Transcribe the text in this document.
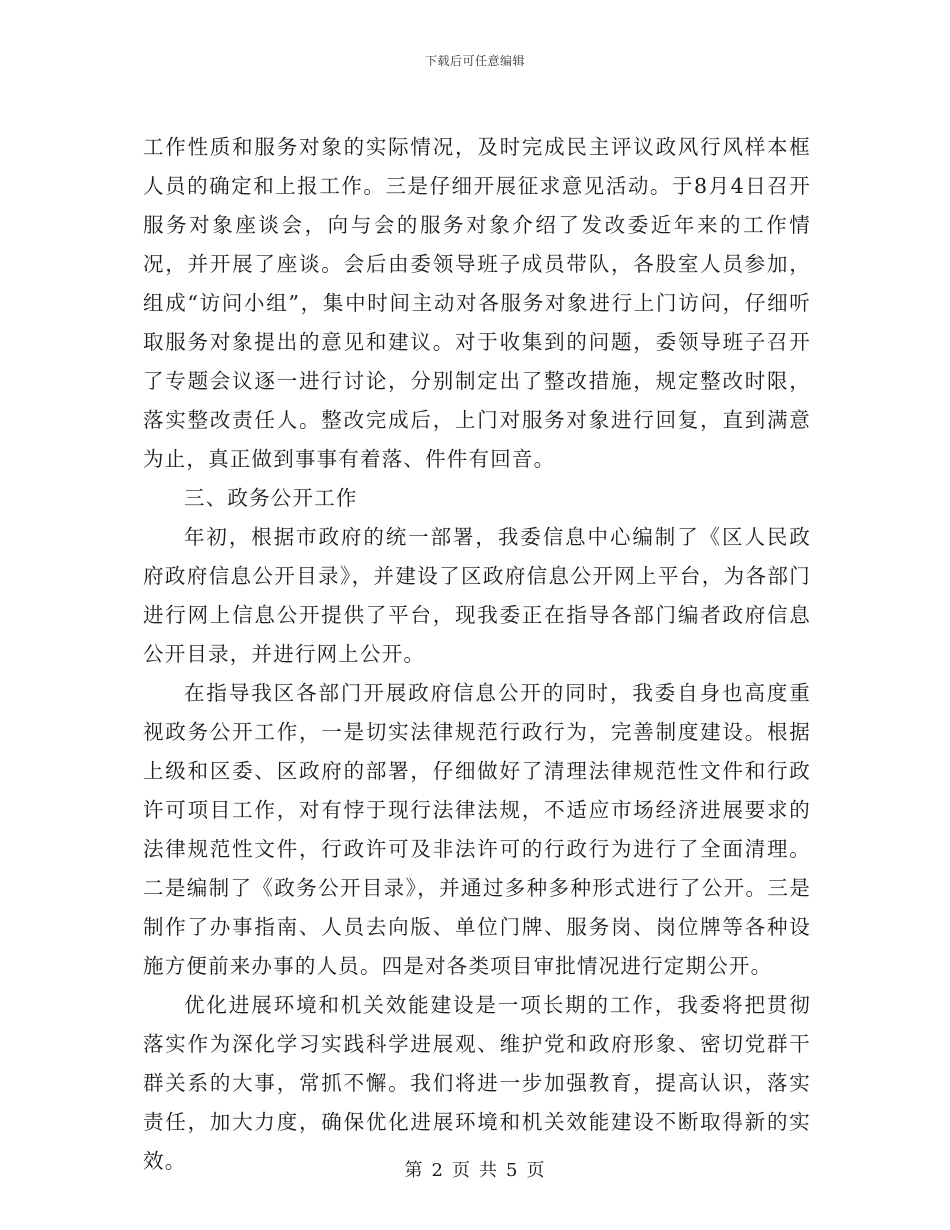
下载后可任意编辑

工作性质和服务对象的实际情况，及时完成民主评议政风行风样本框人员的确定和上报工作。三是仔细开展征求意见活动。于8月4日召开服务对象座谈会，向与会的服务对象介绍了发改委近年来的工作情况，并开展了座谈。会后由委领导班子成员带队，各股室人员参加，组成“访问小组”，集中时间主动对各服务对象进行上门访问，仔细听取服务对象提出的意见和建议。对于收集到的问题，委领导班子召开了专题会议逐一进行讨论，分别制定出了整改措施，规定整改时限，落实整改责任人。整改完成后，上门对服务对象进行回复，直到满意为止，真正做到事事有着落、件件有回音。

三、政务公开工作

年初，根据市政府的统一部署，我委信息中心编制了《区人民政府政府信息公开目录》，并建设了区政府信息公开网上平台，为各部门进行网上信息公开提供了平台，现我委正在指导各部门编者政府信息公开目录，并进行网上公开。

在指导我区各部门开展政府信息公开的同时，我委自身也高度重视政务公开工作，一是切实法律规范行政行为，完善制度建设。根据上级和区委、区政府的部署，仔细做好了清理法律规范性文件和行政许可项目工作，对有悖于现行法律法规，不适应市场经济进展要求的法律规范性文件，行政许可及非法许可的行政行为进行了全面清理。二是编制了《政务公开目录》，并通过多种多种形式进行了公开。三是制作了办事指南、人员去向版、单位门牌、服务岗、岗位牌等各种设施方便前来办事的人员。四是对各类项目审批情况进行定期公开。

优化进展环境和机关效能建设是一项长期的工作，我委将把贯彻落实作为深化学习实践科学进展观、维护党和政府形象、密切党群干群关系的大事，常抓不懈。我们将进一步加强教育，提高认识，落实责任，加大力度，确保优化进展环境和机关效能建设不断取得新的实效。	第 2 页 共 5 页
